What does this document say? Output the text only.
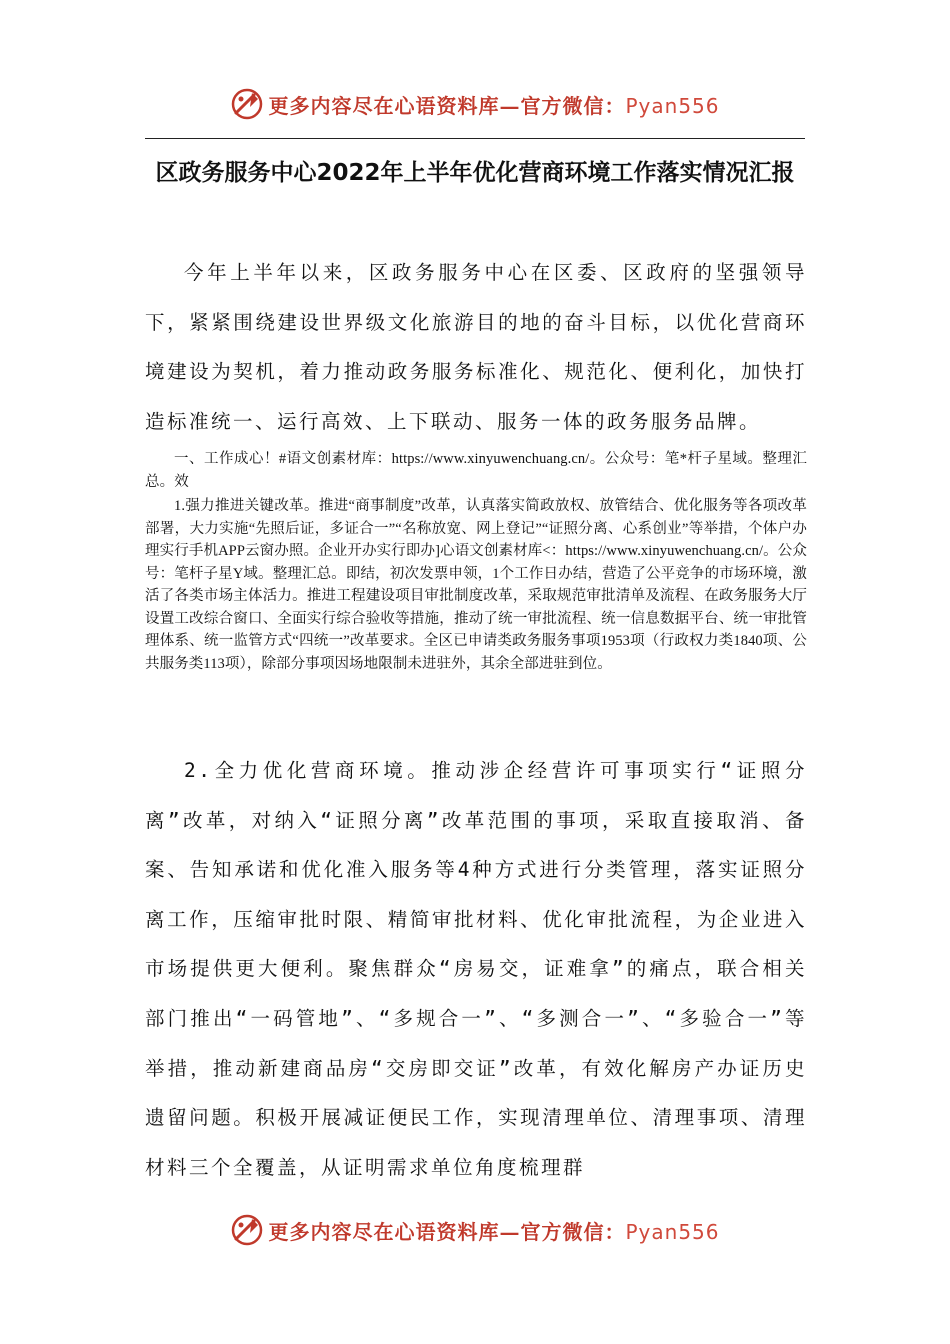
更多内容尽在心语资料库—官方微信：Pyan556
区政务服务中心2022年上半年优化营商环境工作落实情况汇报

今年上半年以来，区政务服务中心在区委、区政府的坚强领导下，紧紧围绕建设世界级文化旅游目的地的奋斗目标，以优化营商环境建设为契机，着力推动政务服务标准化、规范化、便利化，加快打造标准统一、运行高效、上下联动、服务一体的政务服务品牌。

一、工作成心！#语文创素材库：https://www.xinyuwenchuang.cn/。公众号：笔*杆子星域。整理汇总。效

1.强力推进关键改革。推进“商事制度”改革，认真落实简政放权、放管结合、优化服务等各项改革部署，大力实施“先照后证，多证合一”“名称放宽、网上登记”“证照分离、心系创业”等举措，个体户办理实行手机APP云窗办照。企业开办实行即办]心语文创素材库<：https://www.xinyuwenchuang.cn/。公众号：笔杆子星Y域。整理汇总。即结，初次发票申领，1个工作日办结，营造了公平竞争的市场环境，激活了各类市场主体活力。推进工程建设项目审批制度改革，采取规范审批清单及流程、在政务服务大厅设置工改综合窗口、全面实行综合验收等措施，推动了统一审批流程、统一信息数据平台、统一审批管理体系、统一监管方式“四统一”改革要求。全区已申请类政务服务事项1953项（行政权力类1840项、公共服务类113项），除部分事项因场地限制未进驻外，其余全部进驻到位。

2.全力优化营商环境。推动涉企经营许可事项实行“证照分离”改革，对纳入“证照分离”改革范围的事项，采取直接取消、备案、告知承诺和优化准入服务等4种方式进行分类管理，落实证照分离工作，压缩审批时限、精简审批材料、优化审批流程，为企业进入市场提供更大便利。聚焦群众“房易交，证难拿”的痛点，联合相关部门推出“一码管地”、“多规合一”、“多测合一”、“多验合一”等举措，推动新建商品房“交房即交证”改革，有效化解房产办证历史遗留问题。积极开展减证便民工作，实现清理单位、清理事项、清理材料三个全覆盖，从证明需求单位角度梳理群

更多内容尽在心语资料库—官方微信：Pyan556
